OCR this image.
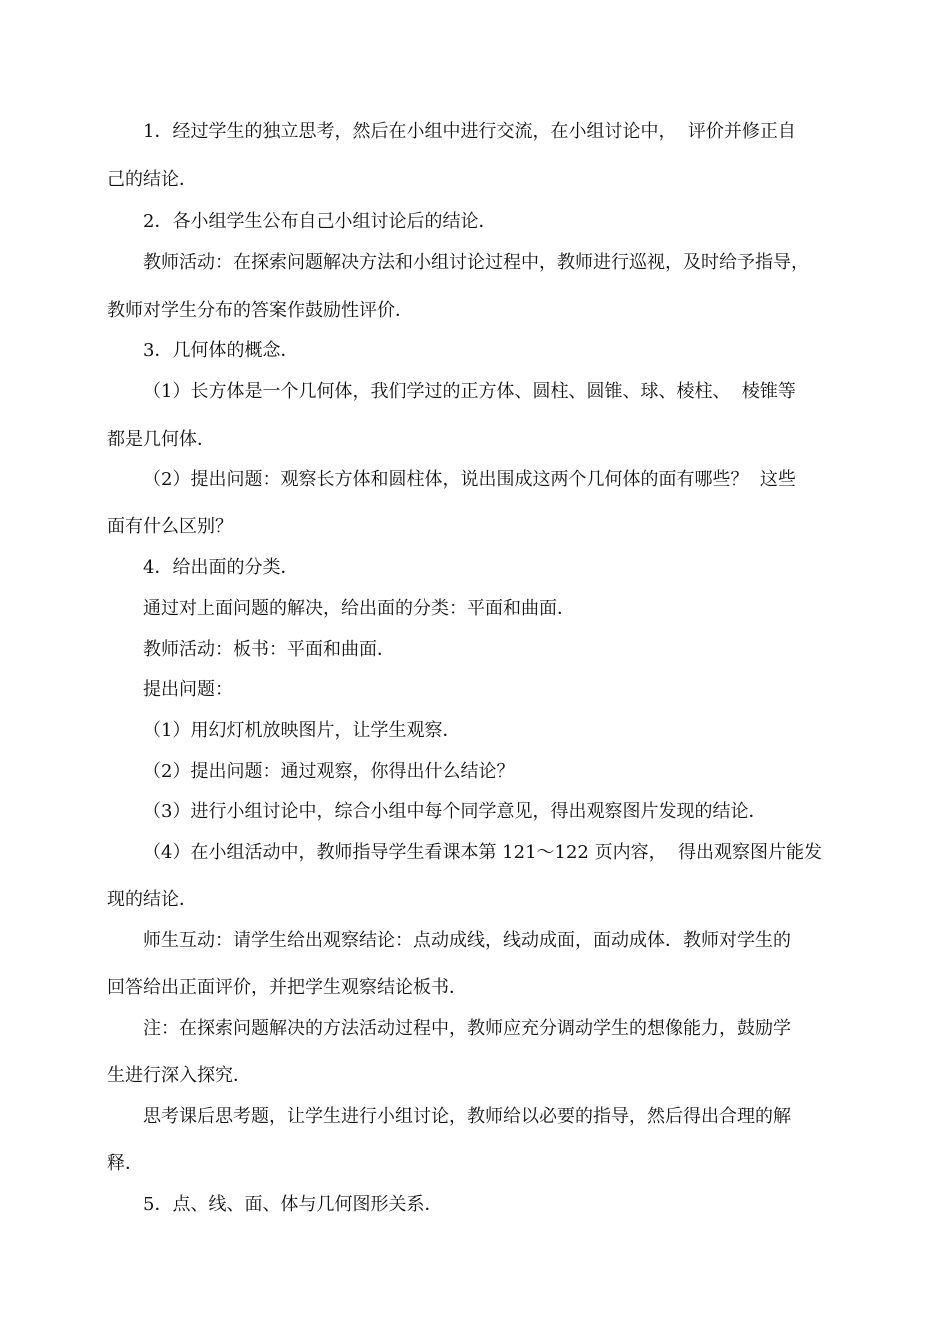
1．经过学生的独立思考，然后在小组中进行交流，在小组讨论中，  评价并修正自
己的结论．
2．各小组学生公布自己小组讨论后的结论．
教师活动：在探索问题解决方法和小组讨论过程中，教师进行巡视，及时给予指导，
教师对学生分布的答案作鼓励性评价．
3．几何体的概念．
（1）长方体是一个几何体，我们学过的正方体、圆柱、圆锥、球、棱柱、  棱锥等
都是几何体．
（2）提出问题：观察长方体和圆柱体，说出围成这两个几何体的面有哪些？  这些
面有什么区别？
4．给出面的分类．
通过对上面问题的解决，给出面的分类：平面和曲面．
教师活动：板书：平面和曲面．
提出问题：
（1）用幻灯机放映图片，让学生观察．
（2）提出问题：通过观察，你得出什么结论？
（3）进行小组讨论中，综合小组中每个同学意见，得出观察图片发现的结论．
（4）在小组活动中，教师指导学生看课本第 121～122 页内容，  得出观察图片能发
现的结论．
师生互动：请学生给出观察结论：点动成线，线动成面，面动成体．教师对学生的
回答给出正面评价，并把学生观察结论板书．
注：在探索问题解决的方法活动过程中，教师应充分调动学生的想像能力，鼓励学
生进行深入探究．
思考课后思考题，让学生进行小组讨论，教师给以必要的指导，然后得出合理的解
释．
5．点、线、面、体与几何图形关系．
